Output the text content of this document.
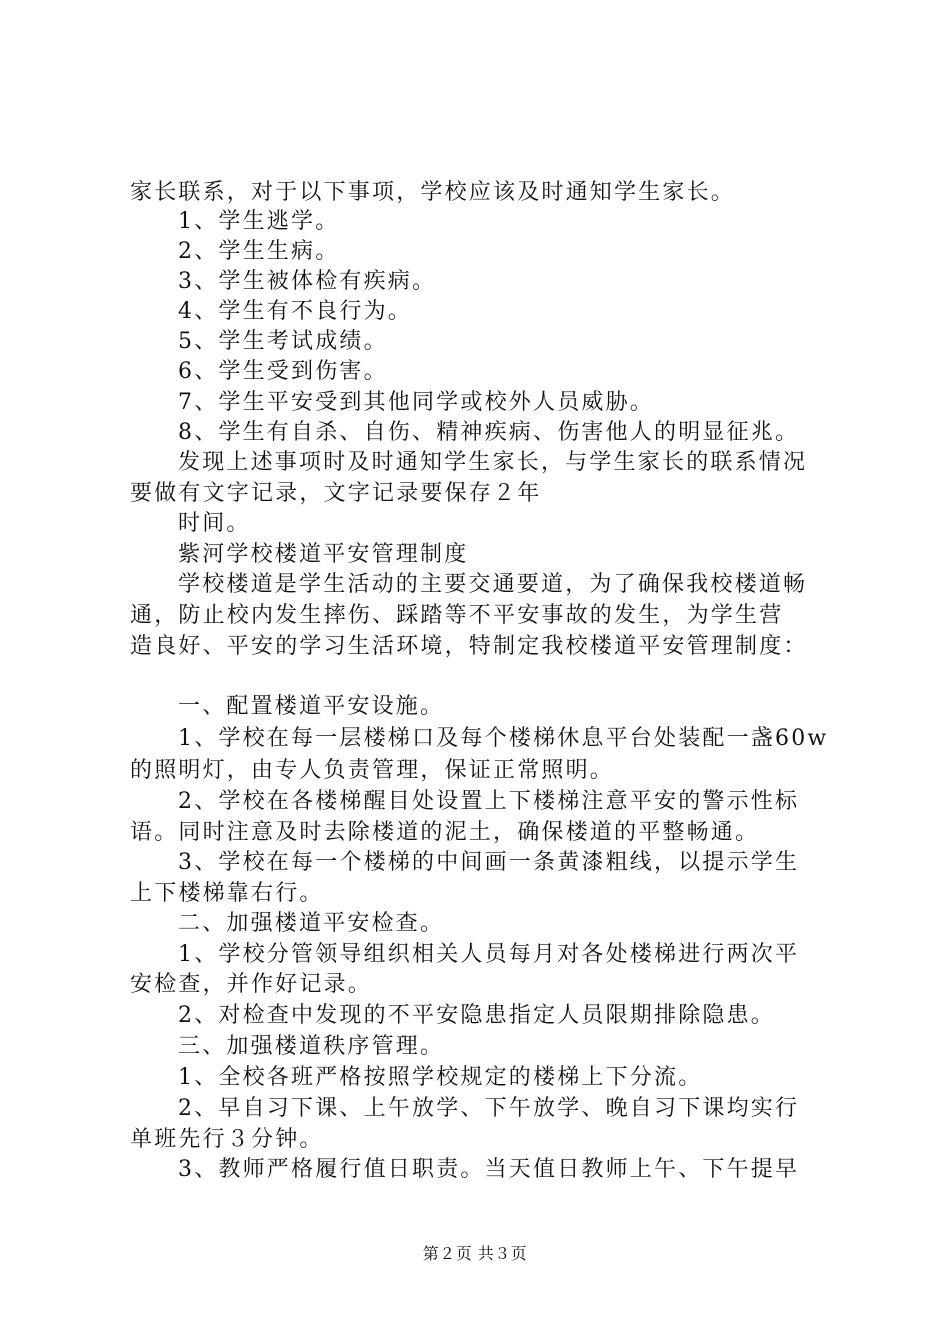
家长联系，对于以下事项，学校应该及时通知学生家长。
1、学生逃学。
2、学生生病。
3、学生被体检有疾病。
4、学生有不良行为。
5、学生考试成绩。
6、学生受到伤害。
7、学生平安受到其他同学或校外人员威胁。
8、学生有自杀、自伤、精神疾病、伤害他人的明显征兆。
发现上述事项时及时通知学生家长，与学生家长的联系情况
要做有文字记录，文字记录要保存２年
时间。
紫河学校楼道平安管理制度
学校楼道是学生活动的主要交通要道，为了确保我校楼道畅
通，防止校内发生摔伤、踩踏等不平安事故的发生，为学生营
造良好、平安的学习生活环境，特制定我校楼道平安管理制度：
一、配置楼道平安设施。
1、学校在每一层楼梯口及每个楼梯休息平台处装配一盏60w
的照明灯，由专人负责管理，保证正常照明。
2、学校在各楼梯醒目处设置上下楼梯注意平安的警示性标
语。同时注意及时去除楼道的泥土，确保楼道的平整畅通。
3、学校在每一个楼梯的中间画一条黄漆粗线，以提示学生
上下楼梯靠右行。
二、加强楼道平安检查。
1、学校分管领导组织相关人员每月对各处楼梯进行两次平
安检查，并作好记录。
2、对检查中发现的不平安隐患指定人员限期排除隐患。
三、加强楼道秩序管理。
1、全校各班严格按照学校规定的楼梯上下分流。
2、早自习下课、上午放学、下午放学、晚自习下课均实行
单班先行３分钟。
3、教师严格履行值日职责。当天值日教师上午、下午提早
第２页 共３页
